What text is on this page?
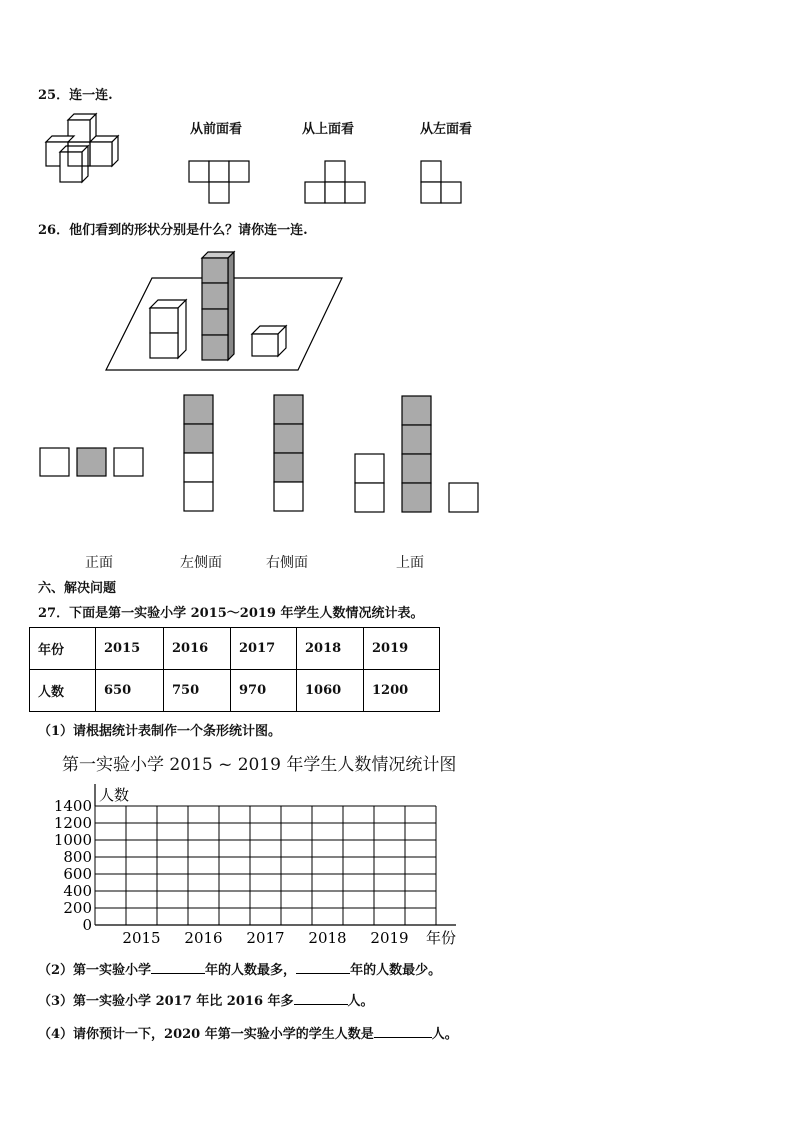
25．连一连.
从前面看	从上面看	从左面看
26．他们看到的形状分别是什么？请你连一连.
正面	左侧面	右侧面	上面
六、解决问题
27．下面是第一实验小学 2015～2019 年学生人数情况统计表。
年份	2015	2016	2017	2018	2019
人数	650	750	970	1060	1200
（1）请根据统计表制作一个条形统计图。
第一实验小学 2015 ~ 2019 年学生人数情况统计图
0
200
400
600
800
1000
1200
1400
人数
2015 2016 2017 2018 2019 年份
（2）第一实验小学	年的人数最多，	年的人数最少。
（3）第一实验小学 2017 年比 2016 年多	人。
（4）请你预计一下，2020 年第一实验小学的学生人数是	人。
